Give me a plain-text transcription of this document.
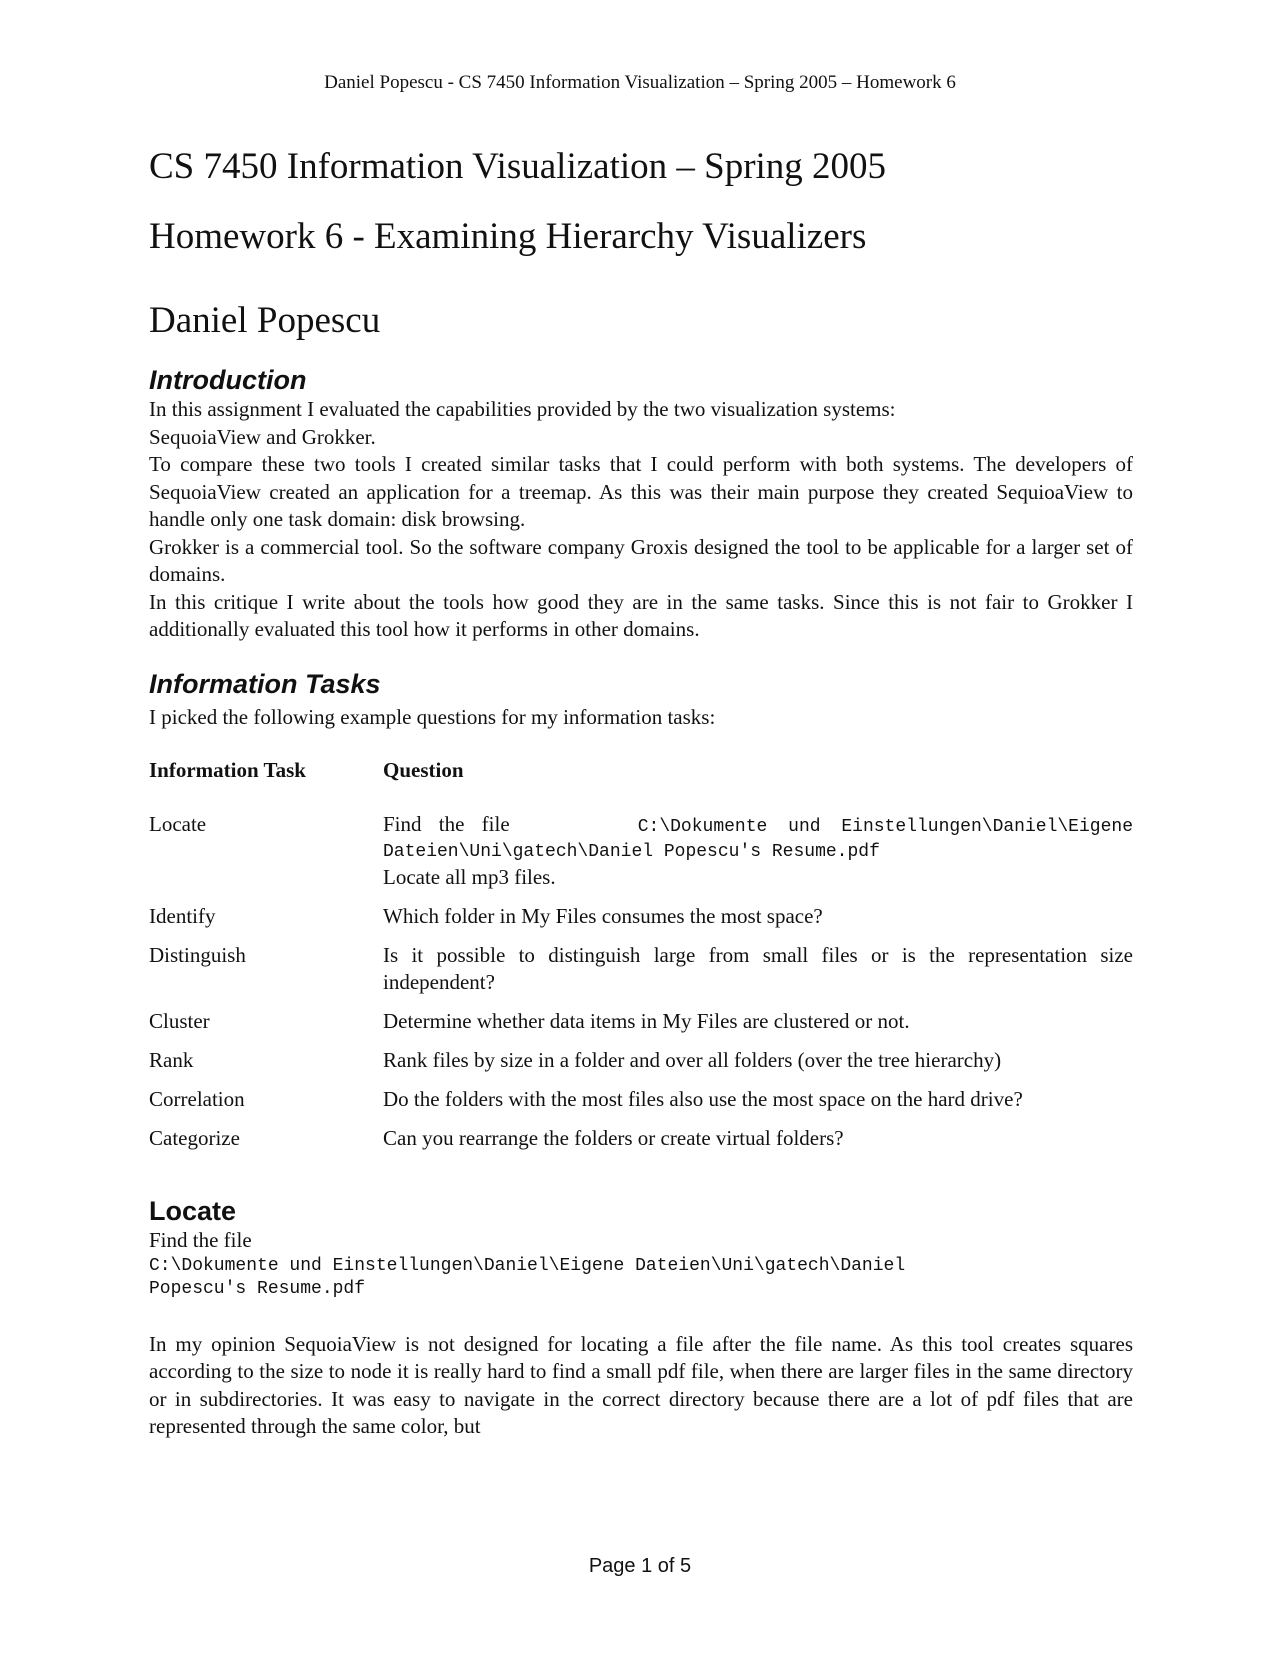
Daniel Popescu - CS 7450 Information Visualization – Spring 2005 – Homework 6
CS 7450 Information Visualization – Spring 2005
Homework 6 - Examining Hierarchy Visualizers
Daniel Popescu
Introduction

In this assignment I evaluated the capabilities provided by the two visualization systems:

SequoiaView and Grokker.

To compare these two tools I created similar tasks that I could perform with both systems. The developers of SequoiaView created an application for a treemap. As this was their main purpose they created SequioaView to handle only one task domain: disk browsing.

Grokker is a commercial tool. So the software company Groxis designed the tool to be applicable for a larger set of domains.

In this critique I write about the tools how good they are in the same tasks. Since this is not fair to Grokker I additionally evaluated this tool how it performs in other domains.

Information Tasks

I picked the following example questions for my information tasks:

Information Task	Question
Locate	Find the file	C:\Dokumente und Einstellungen\Daniel\Eigene
Dateien\Uni\gatech\Daniel Popescu's Resume.pdf
Locate all mp3 files.
Identify	Which folder in My Files consumes the most space?
Distinguish	Is it possible to distinguish large from small files or is the representation size independent?
Cluster	Determine whether data items in My Files are clustered or not.
Rank	Rank files by size in a folder and over all folders (over the tree hierarchy)
Correlation	Do the folders with the most files also use the most space on the hard drive?
Categorize	Can you rearrange the folders or create virtual folders?
Locate

Find the file

C:\Dokumente und Einstellungen\Daniel\Eigene Dateien\Uni\gatech\Daniel
Popescu's Resume.pdf

In my opinion SequoiaView is not designed for locating a file after the file name. As this tool creates squares according to the size to node it is really hard to find a small pdf file, when there are larger files in the same directory or in subdirectories. It was easy to navigate in the correct directory because there are a lot of pdf files that are represented through the same color, but

Page 1 of 5
